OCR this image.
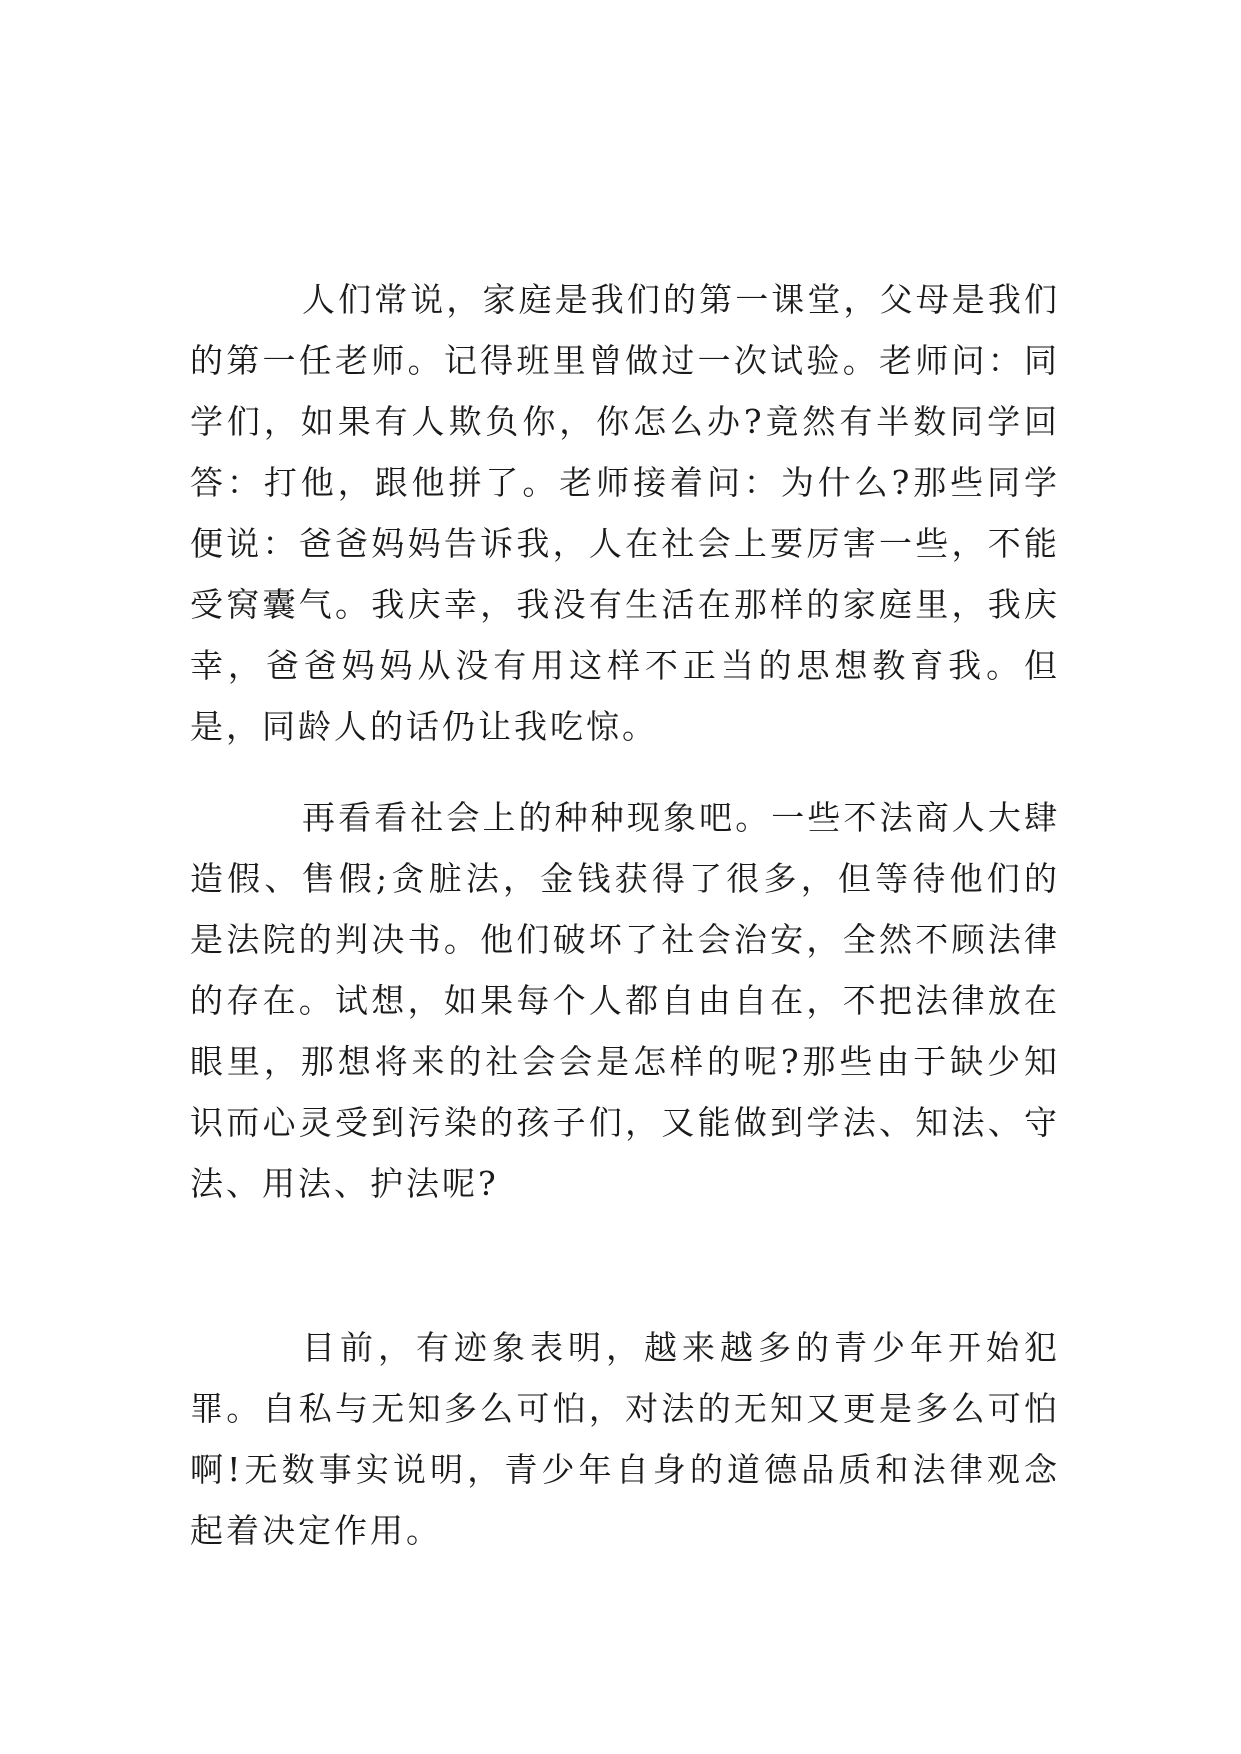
人们常说，家庭是我们的第一课堂，父母是我们的第一任老师。记得班里曾做过一次试验。老师问：同学们，如果有人欺负你，你怎么办?竟然有半数同学回答：打他，跟他拼了。老师接着问：为什么?那些同学便说：爸爸妈妈告诉我，人在社会上要厉害一些，不能受窝囊气。我庆幸，我没有生活在那样的家庭里，我庆幸，爸爸妈妈从没有用这样不正当的思想教育我。但是，同龄人的话仍让我吃惊。

再看看社会上的种种现象吧。一些不法商人大肆造假、售假;贪脏法，金钱获得了很多，但等待他们的是法院的判决书。他们破坏了社会治安，全然不顾法律的存在。试想，如果每个人都自由自在，不把法律放在眼里，那想将来的社会会是怎样的呢?那些由于缺少知识而心灵受到污染的孩子们，又能做到学法、知法、守法、用法、护法呢?

目前，有迹象表明，越来越多的青少年开始犯罪。自私与无知多么可怕，对法的无知又更是多么可怕啊!无数事实说明，青少年自身的道德品质和法律观念起着决定作用。
